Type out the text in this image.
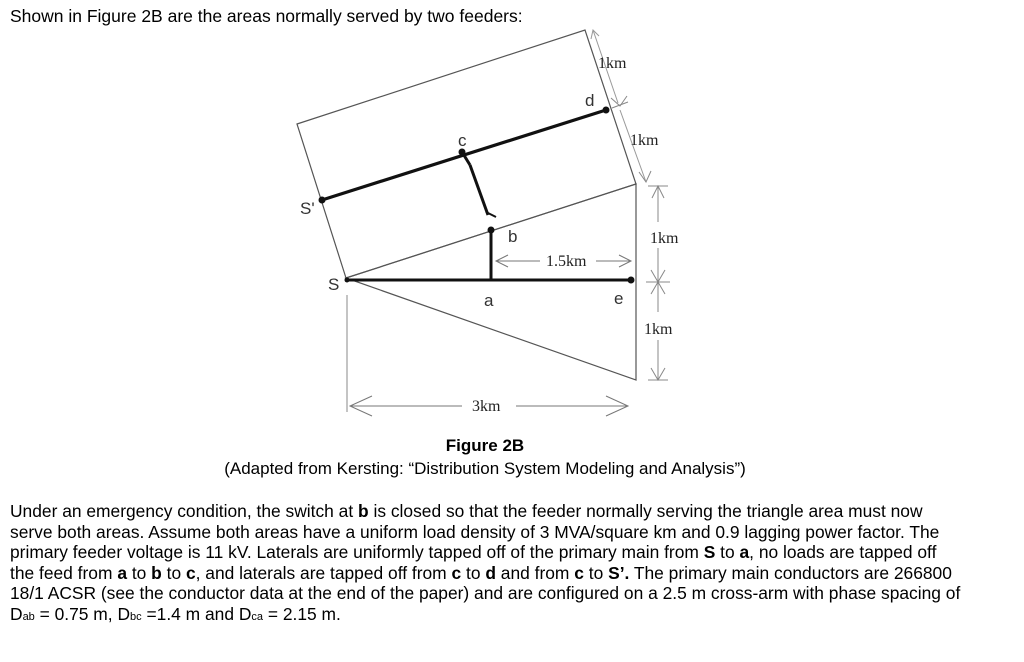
Shown in Figure 2B are the areas normally served by two feeders:

S'
S
a
b
c
d
e
3km
1.5km
1km
1km
1km
1km

Figure 2B

(Adapted from Kersting: “Distribution System Modeling and Analysis”)

Under an emergency condition, the switch at b is closed so that the feeder normally serving the triangle area must now serve both areas. Assume both areas have a uniform load density of 3 MVA/square km and 0.9 lagging power factor. The primary feeder voltage is 11 kV. Laterals are uniformly tapped off of the primary main from S to a, no loads are tapped off the feed from a to b to c, and laterals are tapped off from c to d and from c to S’. The primary main conductors are 266800 18/1 ACSR (see the conductor data at the end of the paper) and are configured on a 2.5 m cross-arm with phase spacing of Dab = 0.75 m, Dbc =1.4 m and Dca = 2.15 m.
